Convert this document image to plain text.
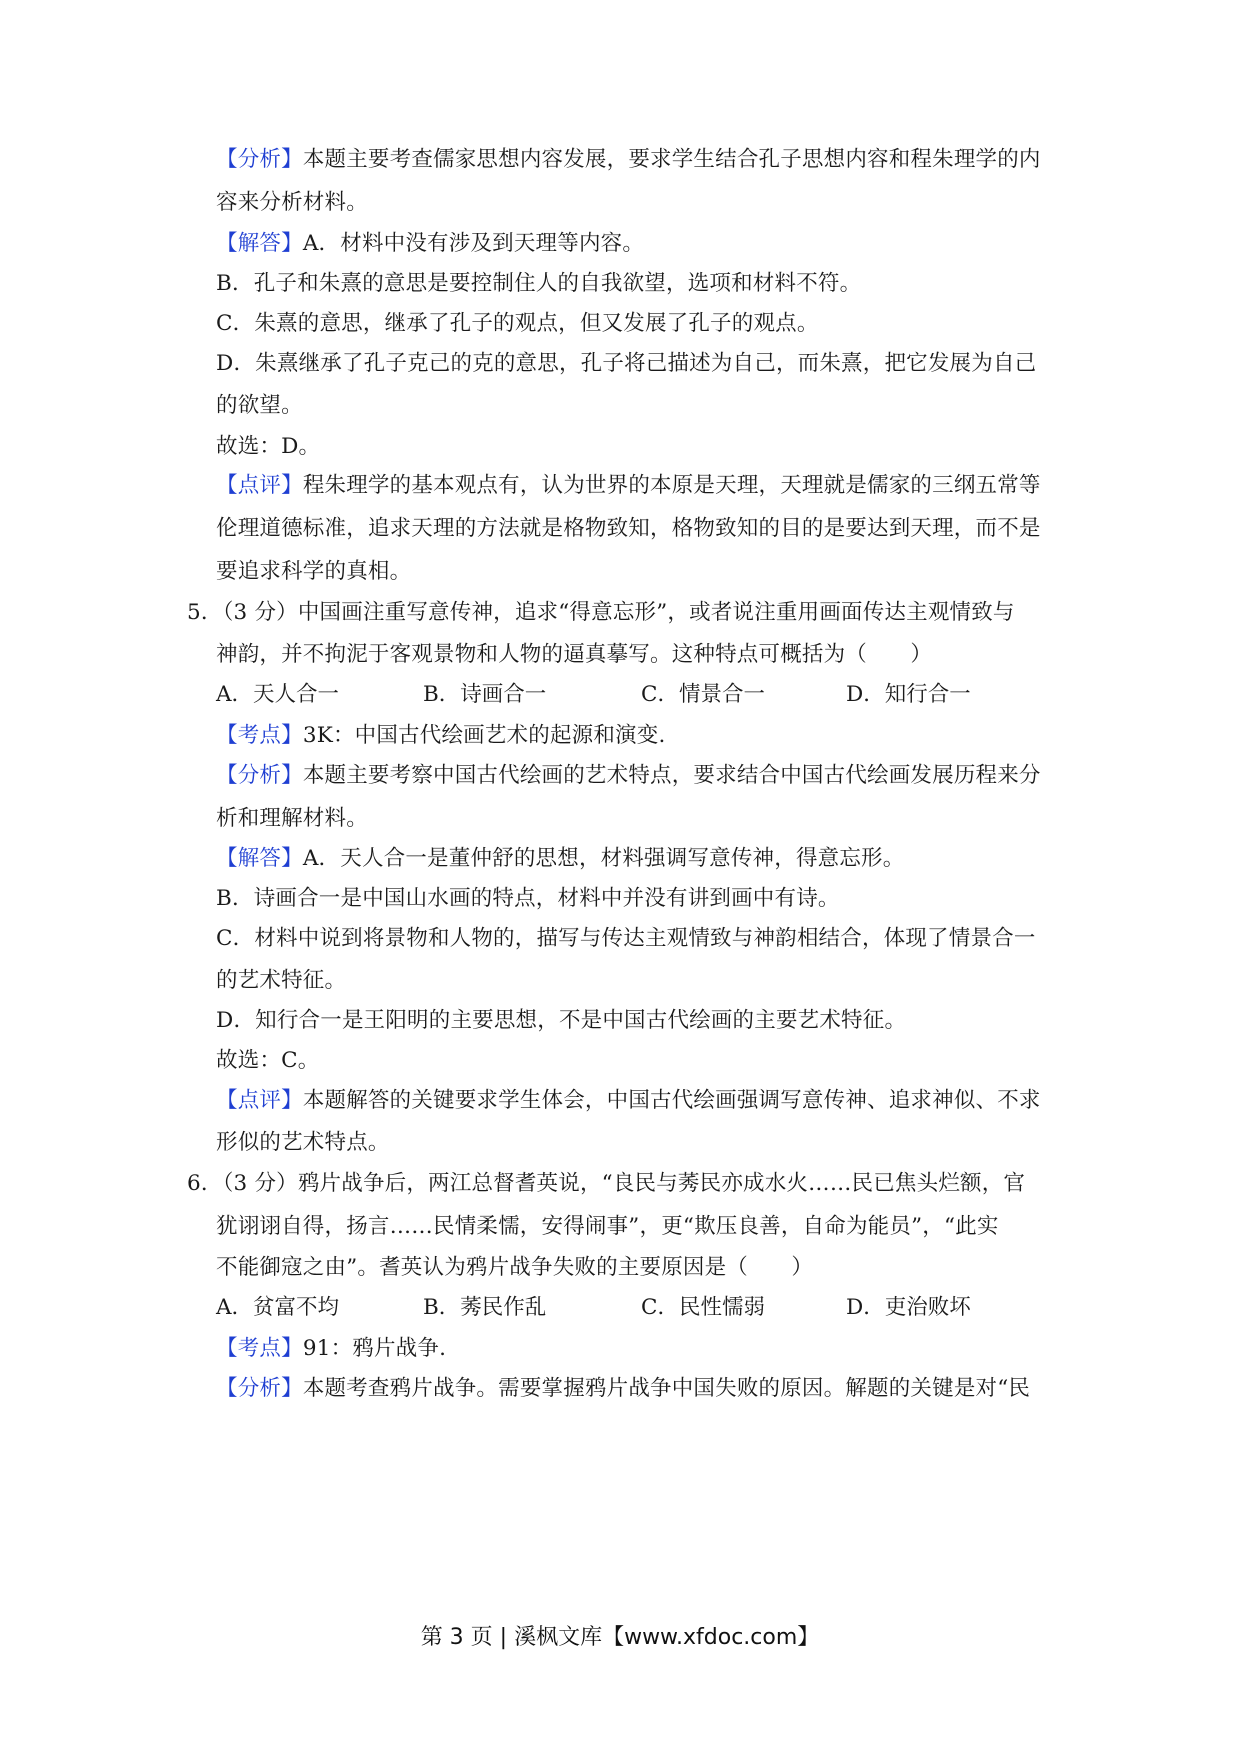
【分析】本题主要考查儒家思想内容发展，要求学生结合孔子思想内容和程朱理学的内
容来分析材料。
【解答】A．材料中没有涉及到天理等内容。
B．孔子和朱熹的意思是要控制住人的自我欲望，选项和材料不符。
C．朱熹的意思，继承了孔子的观点，但又发展了孔子的观点。
D．朱熹继承了孔子克己的克的意思，孔子将己描述为自己，而朱熹，把它发展为自己
的欲望。
故选：D。
【点评】程朱理学的基本观点有，认为世界的本原是天理，天理就是儒家的三纲五常等
伦理道德标准，追求天理的方法就是格物致知，格物致知的目的是要达到天理，而不是
要追求科学的真相。
5．（3 分）中国画注重写意传神，追求“得意忘形”，或者说注重用画面传达主观情致与
神韵，并不拘泥于客观景物和人物的逼真摹写。这种特点可概括为（　　）
A．天人合一	B．诗画合一	C．情景合一	D．知行合一
【考点】3K：中国古代绘画艺术的起源和演变.
【分析】本题主要考察中国古代绘画的艺术特点，要求结合中国古代绘画发展历程来分
析和理解材料。
【解答】A．天人合一是董仲舒的思想，材料强调写意传神，得意忘形。
B．诗画合一是中国山水画的特点，材料中并没有讲到画中有诗。
C．材料中说到将景物和人物的，描写与传达主观情致与神韵相结合，体现了情景合一
的艺术特征。
D．知行合一是王阳明的主要思想，不是中国古代绘画的主要艺术特征。
故选：C。
【点评】本题解答的关键要求学生体会，中国古代绘画强调写意传神、追求神似、不求
形似的艺术特点。
6．（3 分）鸦片战争后，两江总督耆英说，“良民与莠民亦成水火……民已焦头烂额，官
犹诩诩自得，扬言……民情柔懦，安得闹事”，更“欺压良善，自命为能员”，“此实
不能御寇之由”。耆英认为鸦片战争失败的主要原因是（　　）
A．贫富不均	B．莠民作乱	C．民性懦弱	D．吏治败坏
【考点】91：鸦片战争.
【分析】本题考查鸦片战争。需要掌握鸦片战争中国失败的原因。解题的关键是对“民
第 3 页 | 溪枫文库【www.xfdoc.com】
